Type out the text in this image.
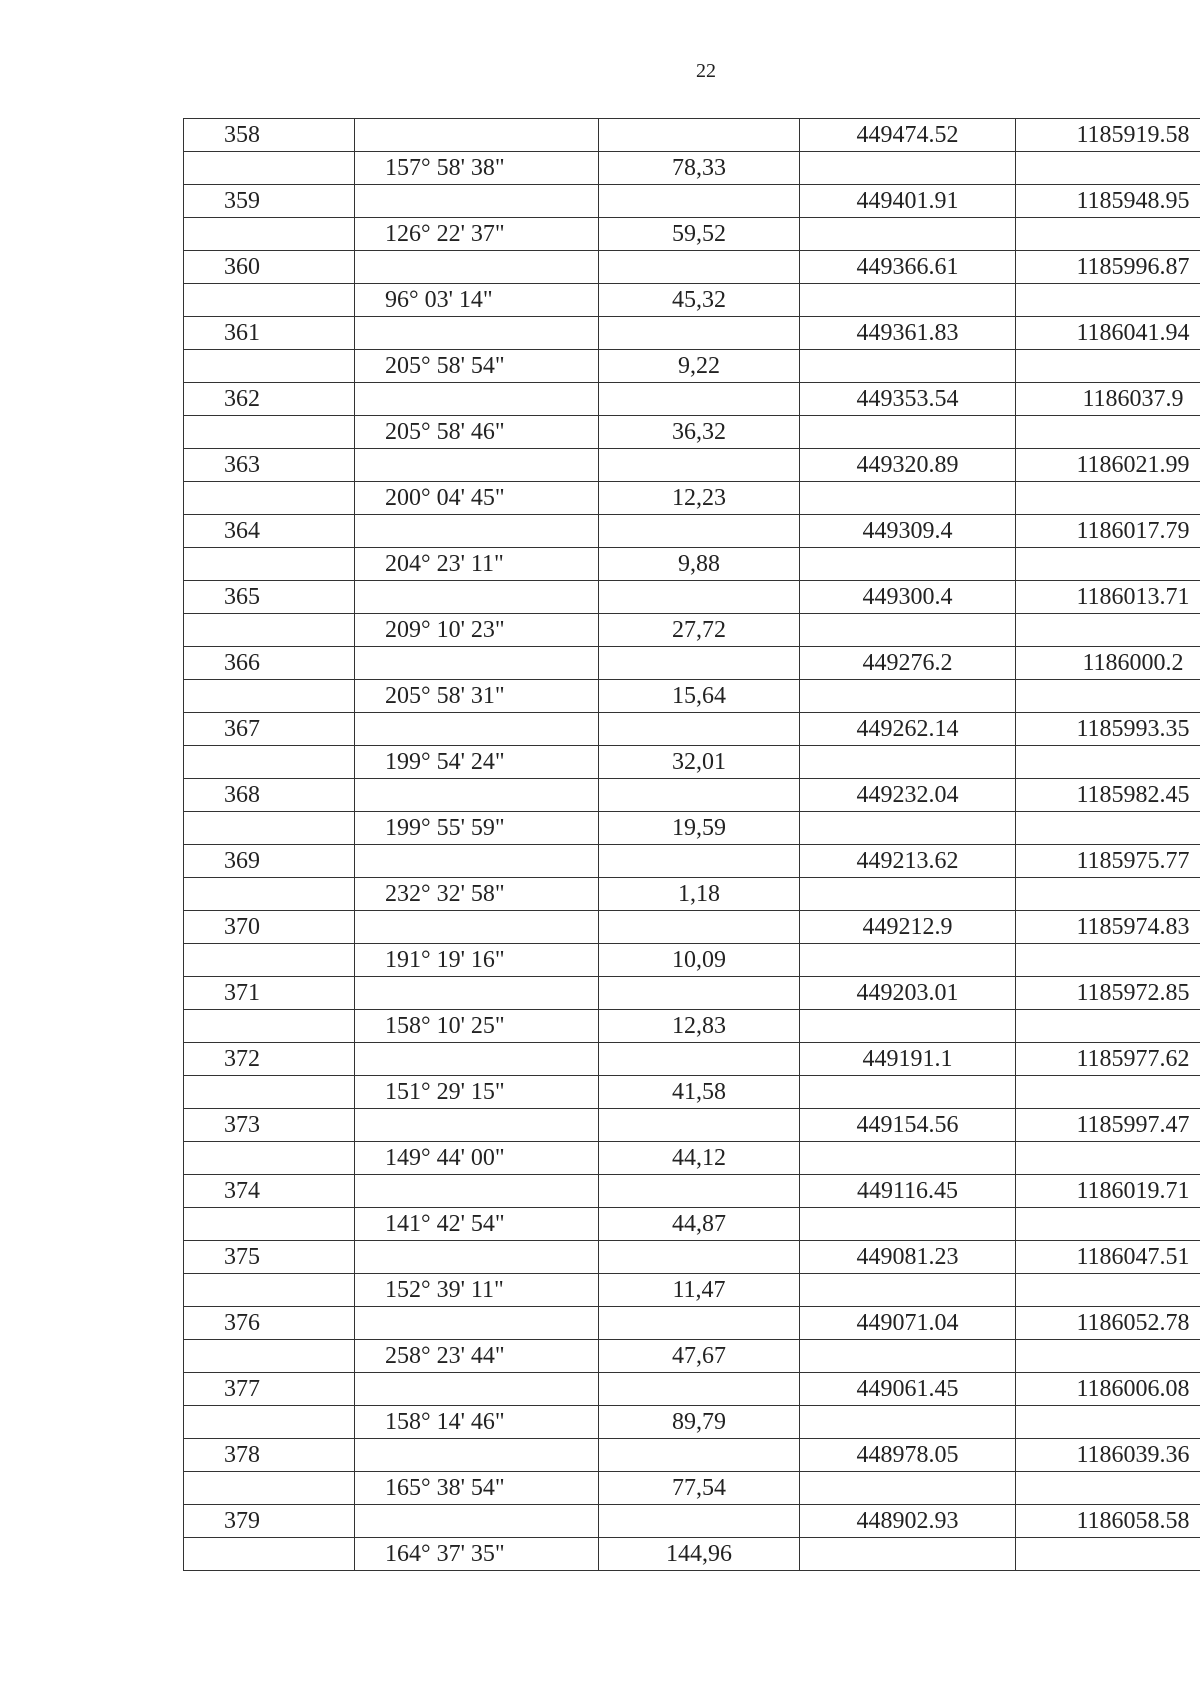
22
358			449474.52	1185919.58
	157° 58' 38"	78,33		
359			449401.91	1185948.95
	126° 22' 37"	59,52		
360			449366.61	1185996.87
	96° 03' 14"	45,32		
361			449361.83	1186041.94
	205° 58' 54"	9,22		
362			449353.54	1186037.9
	205° 58' 46"	36,32		
363			449320.89	1186021.99
	200° 04' 45"	12,23		
364			449309.4	1186017.79
	204° 23' 11"	9,88		
365			449300.4	1186013.71
	209° 10' 23"	27,72		
366			449276.2	1186000.2
	205° 58' 31"	15,64		
367			449262.14	1185993.35
	199° 54' 24"	32,01		
368			449232.04	1185982.45
	199° 55' 59"	19,59		
369			449213.62	1185975.77
	232° 32' 58"	1,18		
370			449212.9	1185974.83
	191° 19' 16"	10,09		
371			449203.01	1185972.85
	158° 10' 25"	12,83		
372			449191.1	1185977.62
	151° 29' 15"	41,58		
373			449154.56	1185997.47
	149° 44' 00"	44,12		
374			449116.45	1186019.71
	141° 42' 54"	44,87		
375			449081.23	1186047.51
	152° 39' 11"	11,47		
376			449071.04	1186052.78
	258° 23' 44"	47,67		
377			449061.45	1186006.08
	158° 14' 46"	89,79		
378			448978.05	1186039.36
	165° 38' 54"	77,54		
379			448902.93	1186058.58
	164° 37' 35"	144,96		
